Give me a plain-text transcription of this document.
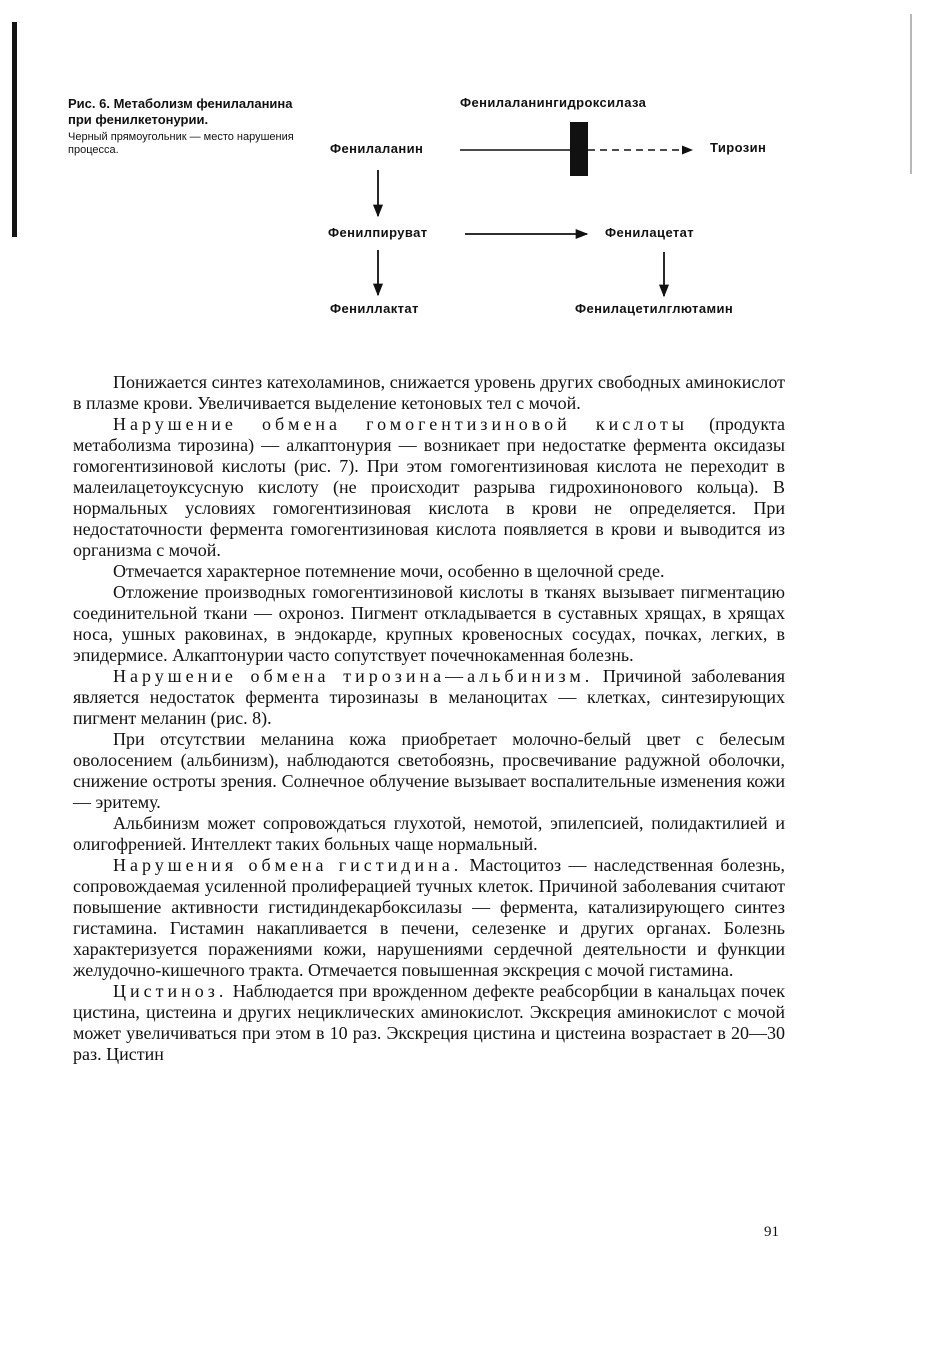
Рис. 6. Метаболизм фенилаланина при фенилкетонурии.

Черный прямоугольник — место нарушения процесса.

Фенилаланингидроксилаза
Фенилаланин	Тирозин
Фенилпируват	Фенилацетат
Фениллактат	Фенилацетилглютамин

Понижается синтез катехоламинов, снижается уровень других свободных аминокислот в плазме крови. Увеличивается выделение кетоновых тел с мочой.

Нарушение обмена гомогентизиновой кислоты (продукта метаболизма тирозина) — алкаптонурия — возникает при недостатке фермента оксидазы гомогентизиновой кислоты (рис. 7). При этом гомогентизиновая кислота не переходит в малеилацетоуксусную кислоту (не происходит разрыва гидрохинонового кольца). В нормальных условиях гомогентизиновая кислота в крови не определяется. При недостаточности фермента гомогентизиновая кислота появляется в крови и выводится из организма с мочой.

Отмечается характерное потемнение мочи, особенно в щелочной среде.

Отложение производных гомогентизиновой кислоты в тканях вызывает пигментацию соединительной ткани — охроноз. Пигмент откладывается в суставных хрящах, в хрящах носа, ушных раковинах, в эндокарде, крупных кровеносных сосудах, почках, легких, в эпидермисе. Алкаптонурии часто сопутствует почечнокаменная болезнь.

Нарушение обмена тирозина—альбинизм. Причиной заболевания является недостаток фермента тирозиназы в меланоцитах — клетках, синтезирующих пигмент меланин (рис. 8).

При отсутствии меланина кожа приобретает молочно-белый цвет с белесым оволосением (альбинизм), наблюдаются светобоязнь, просвечивание радужной оболочки, снижение остроты зрения. Солнечное облучение вызывает воспалительные изменения кожи — эритему.

Альбинизм может сопровождаться глухотой, немотой, эпилепсией, полидактилией и олигофренией. Интеллект таких больных чаще нормальный.

Нарушения обмена гистидина. Мастоцитоз — наследственная болезнь, сопровождаемая усиленной пролиферацией тучных клеток. Причиной заболевания считают повышение активности гистидиндекарбоксилазы — фермента, катализирующего синтез гистамина. Гистамин накапливается в печени, селезенке и других органах. Болезнь характеризуется поражениями кожи, нарушениями сердечной деятельности и функции желудочно-кишечного тракта. Отмечается повышенная экскреция с мочой гистамина.

Цистиноз. Наблюдается при врожденном дефекте реабсорбции в канальцах почек цистина, цистеина и других нециклических аминокислот. Экскреция аминокислот с мочой может увеличиваться при этом в 10 раз. Экскреция цистина и цистеина возрастает в 20—30 раз. Цистин

91
